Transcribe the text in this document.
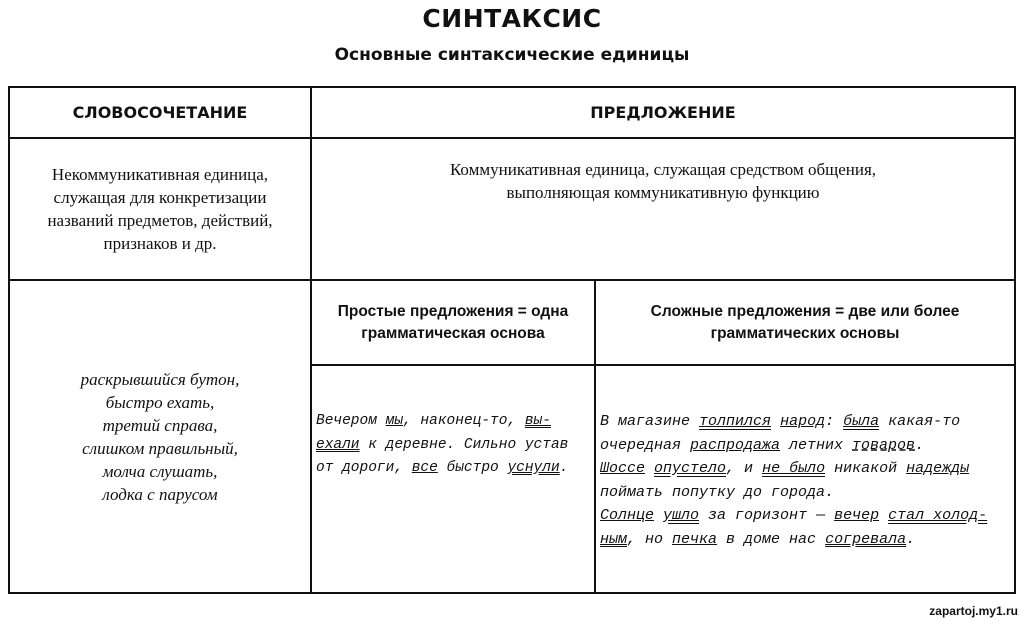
СИНТАКСИС
Основные синтаксические единицы
СЛОВОСОЧЕТАНИЕ	ПРЕДЛОЖЕНИЕ
Некоммуникативная единица,
служащая для конкретизации
названий предметов, действий,
признаков и др.
Коммуникативная единица, служащая средством общения,
выполняющая коммуникативную функцию
раскрывшийся бутон,
быстро ехать,
третий справа,
слишком правильный,
молча слушать,
лодка с парусом
Простые предложения = одна
грамматическая основа
Сложные предложения = две или более
грамматических основы
Вечером мы, наконец-то, вы-
ехали к деревне. Сильно устав
от дороги, все быстро уснули.
В магазине толпился народ: была какая-то
очередная распродажа летних товаров.
Шоссе опустело, и не было никакой надежды
поймать попутку до города.
Солнце ушло за горизонт — вечер стал холод-
ным, но печка в доме нас согревала.
zapartoj.my1.ru
